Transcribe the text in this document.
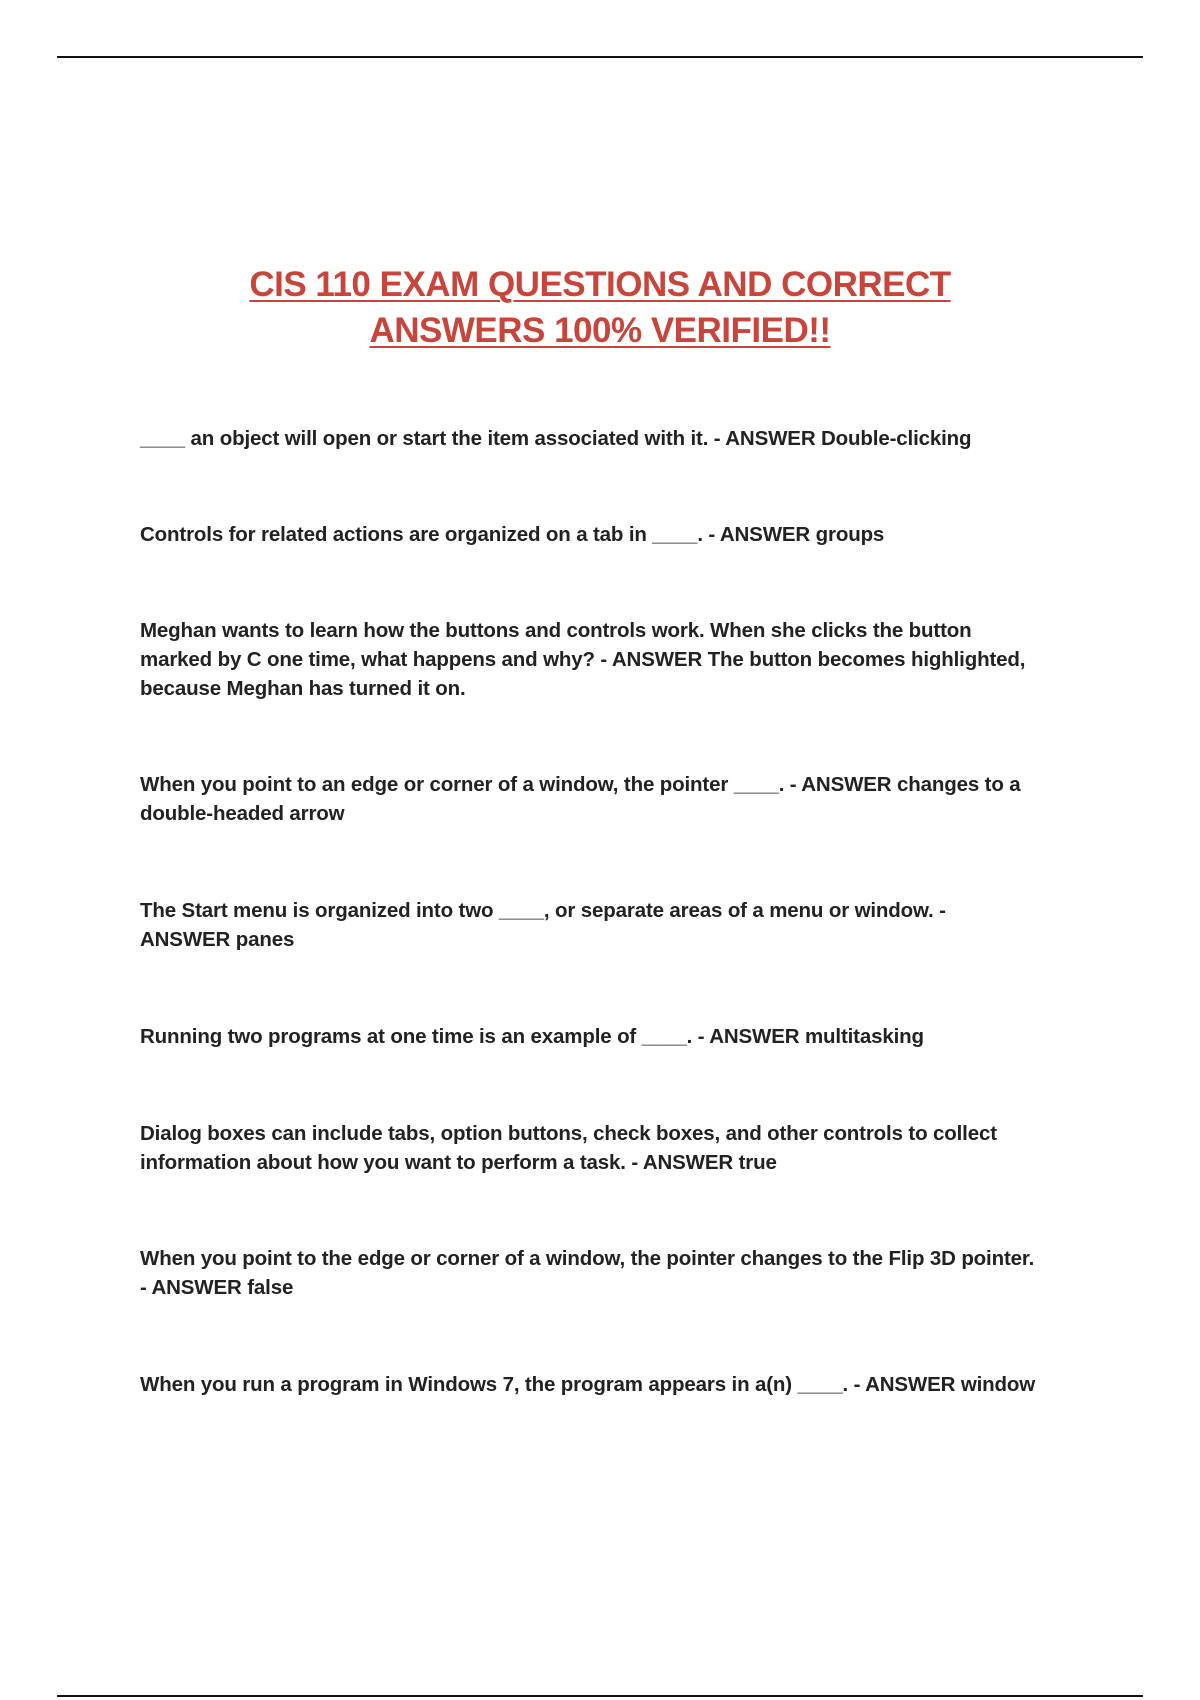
CIS 110 EXAM QUESTIONS AND CORRECT
ANSWERS 100% VERIFIED!!

____ an object will open or start the item associated with it. - ANSWER Double-clicking

Controls for related actions are organized on a tab in ____. - ANSWER groups

Meghan wants to learn how the buttons and controls work. When she clicks the button marked by C one time, what happens and why? - ANSWER The button becomes highlighted, because Meghan has turned it on.

When you point to an edge or corner of a window, the pointer ____. - ANSWER changes to a double-headed arrow

The Start menu is organized into two ____, or separate areas of a menu or window. - ANSWER panes

Running two programs at one time is an example of ____. - ANSWER multitasking

Dialog boxes can include tabs, option buttons, check boxes, and other controls to collect information about how you want to perform a task. - ANSWER true

When you point to the edge or corner of a window, the pointer changes to the Flip 3D pointer. - ANSWER false

When you run a program in Windows 7, the program appears in a(n) ____. - ANSWER window
